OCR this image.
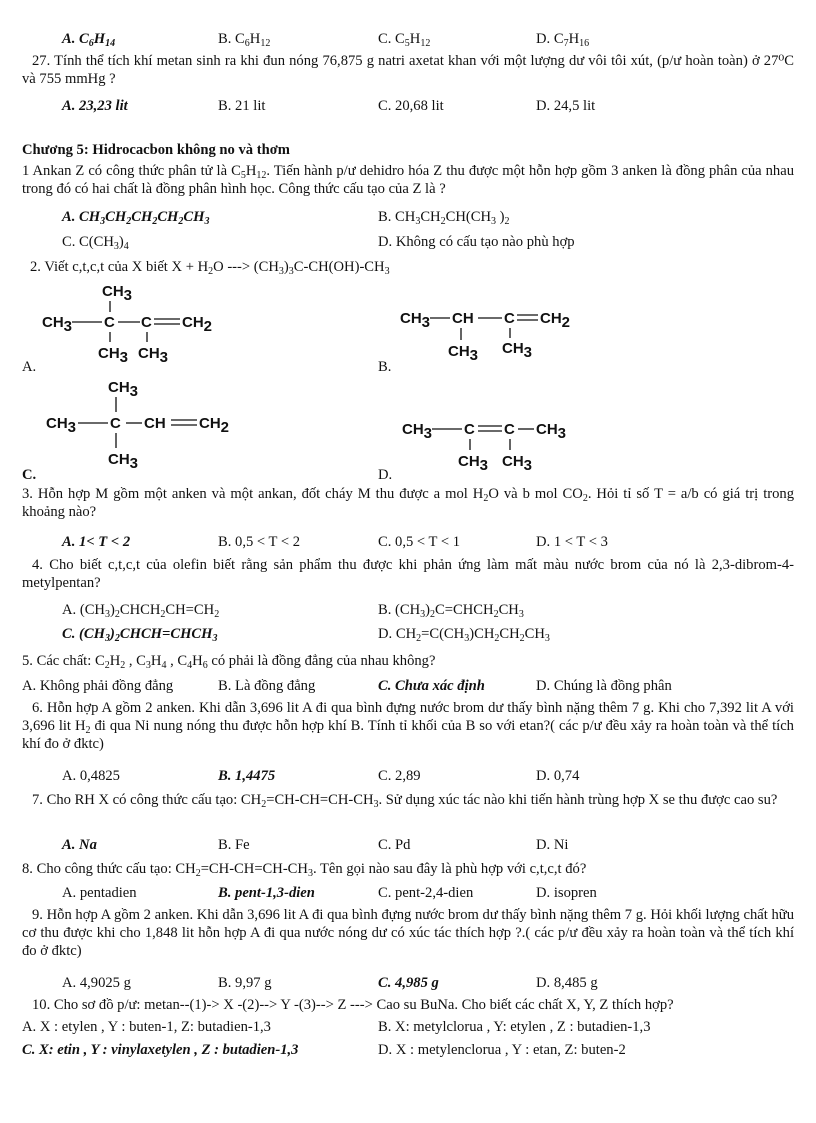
A. $C_6H_{14}$	B. $C_6H_{12}$	C. $C_5H_{12}$	D. $C_7H_{16}$
27. Tính thể tích khí metan sinh ra khi đun nóng 76,875 g natri axetat khan với một lượng dư vôi tôi xút, (p/ư hoàn toàn) ở 27⁰C và 755 mmHg ?
A. 23,23 lit	B. 21 lit	C. 20,68 lit	D. 24,5 lit
Chương 5: Hidrocacbon không no và thơm
1 Ankan Z có công thức phân tử là $C_5H_{12}$. Tiến hành p/ư dehidro hóa Z thu được một hỗn hợp gồm 3 anken là đồng phân của nhau trong đó có hai chất là đồng phân hình học. Công thức cấu tạo của Z là ?
A. $CH_3CH_2CH_2CH_2CH_3$	B. $CH_3CH_2CH(CH_3$ )$_2$
C. $C(CH_3)_4$	D. Không có cấu tạo nào phù hợp
2. Viết c,t,c,t của X biết $X + H_2O$ ---> $(CH_3)_3C-CH(OH)-CH_3$
A.	B.
C.	D.
CH3
CH3 C C CH2
CH3 CH3
CH3 CH C CH2
CH3 CH3
CH3
CH3 C CH CH2
CH3
CH3 C C CH3
CH3 CH3
3. Hỗn hợp M gồm một anken và một ankan, đốt cháy M thu được a mol $H_2O$ và b mol $CO_2$. Hỏi tỉ số T = a/b có giá trị trong khoảng nào?
A. 1< T < 2	B. 0,5 < T < 2	C. 0,5 < T < 1	D. 1 < T < 3
4. Cho biết c,t,c,t của olefin biết rằng sản phẩm thu được khi phản ứng làm mất màu nước brom của nó là 2,3-dibrom-4-metylpentan?
A. $(CH_3)_2CHCH_2CH=CH_2$	B. $(CH_3)_2C=CHCH_2CH_3$
C. $(CH_3)_2CHCH=CHCH_3$	D. $CH_2=C(CH_3)CH_2CH_2CH_3$
5. Các chất: $C_2H_2$ , $C_3H_4$ , $C_4H_6$ có phải là đồng đẳng của nhau không?
A. Không phải đồng đẳng	B. Là đồng đẳng	C. Chưa xác định	D. Chúng là đồng phân
6. Hỗn hợp A gồm 2 anken. Khi dẫn 3,696 lit A đi qua bình đựng nước brom dư thấy bình nặng thêm 7 g. Khi cho 7,392 lit A với 3,696 lit $H_2$ đi qua Ni nung nóng thu được hỗn hợp khí B. Tính tỉ khối của B so với etan?( các p/ư đều xảy ra hoàn toàn và thể tích khí đo ở đktc)
A. 0,4825	B. 1,4475	C. 2,89	D. 0,74
7. Cho RH X có công thức cấu tạo: $CH_2=CH-CH=CH-CH_3$. Sử dụng xúc tác nào khi tiến hành trùng hợp X se thu được cao su?
A. Na	B. Fe	C. Pd	D. Ni
8. Cho công thức cấu tạo: $CH_2=CH-CH=CH-CH_3$. Tên gọi nào sau đây là phù hợp với c,t,c,t đó?
A. pentadien	B. pent-1,3-dien	C. pent-2,4-dien	D. isopren
9. Hỗn hợp A gồm 2 anken. Khi dẫn 3,696 lit A đi qua bình đựng nước brom dư thấy bình nặng thêm 7 g. Hỏi khối lượng chất hữu cơ thu được khi cho 1,848 lit hỗn hợp A đi qua nước nóng dư có xúc tác thích hợp ?.( các p/ư đều xảy ra hoàn toàn và thể tích khí đo ở đktc)
A. 4,9025 g	B. 9,97 g	C. 4,985 g	D. 8,485 g
10. Cho sơ đồ p/ư: metan--(1)-> X -(2)--> Y -(3)--> Z ---> Cao su BuNa. Cho biết các chất X, Y, Z thích hợp?
A. X : etylen , Y : buten-1, Z: butadien-1,3	B. X: metylclorua , Y: etylen , Z : butadien-1,3
C. X: etin , Y : vinylaxetylen , Z : butadien-1,3	D. X : metylenclorua , Y : etan, Z: buten-2
